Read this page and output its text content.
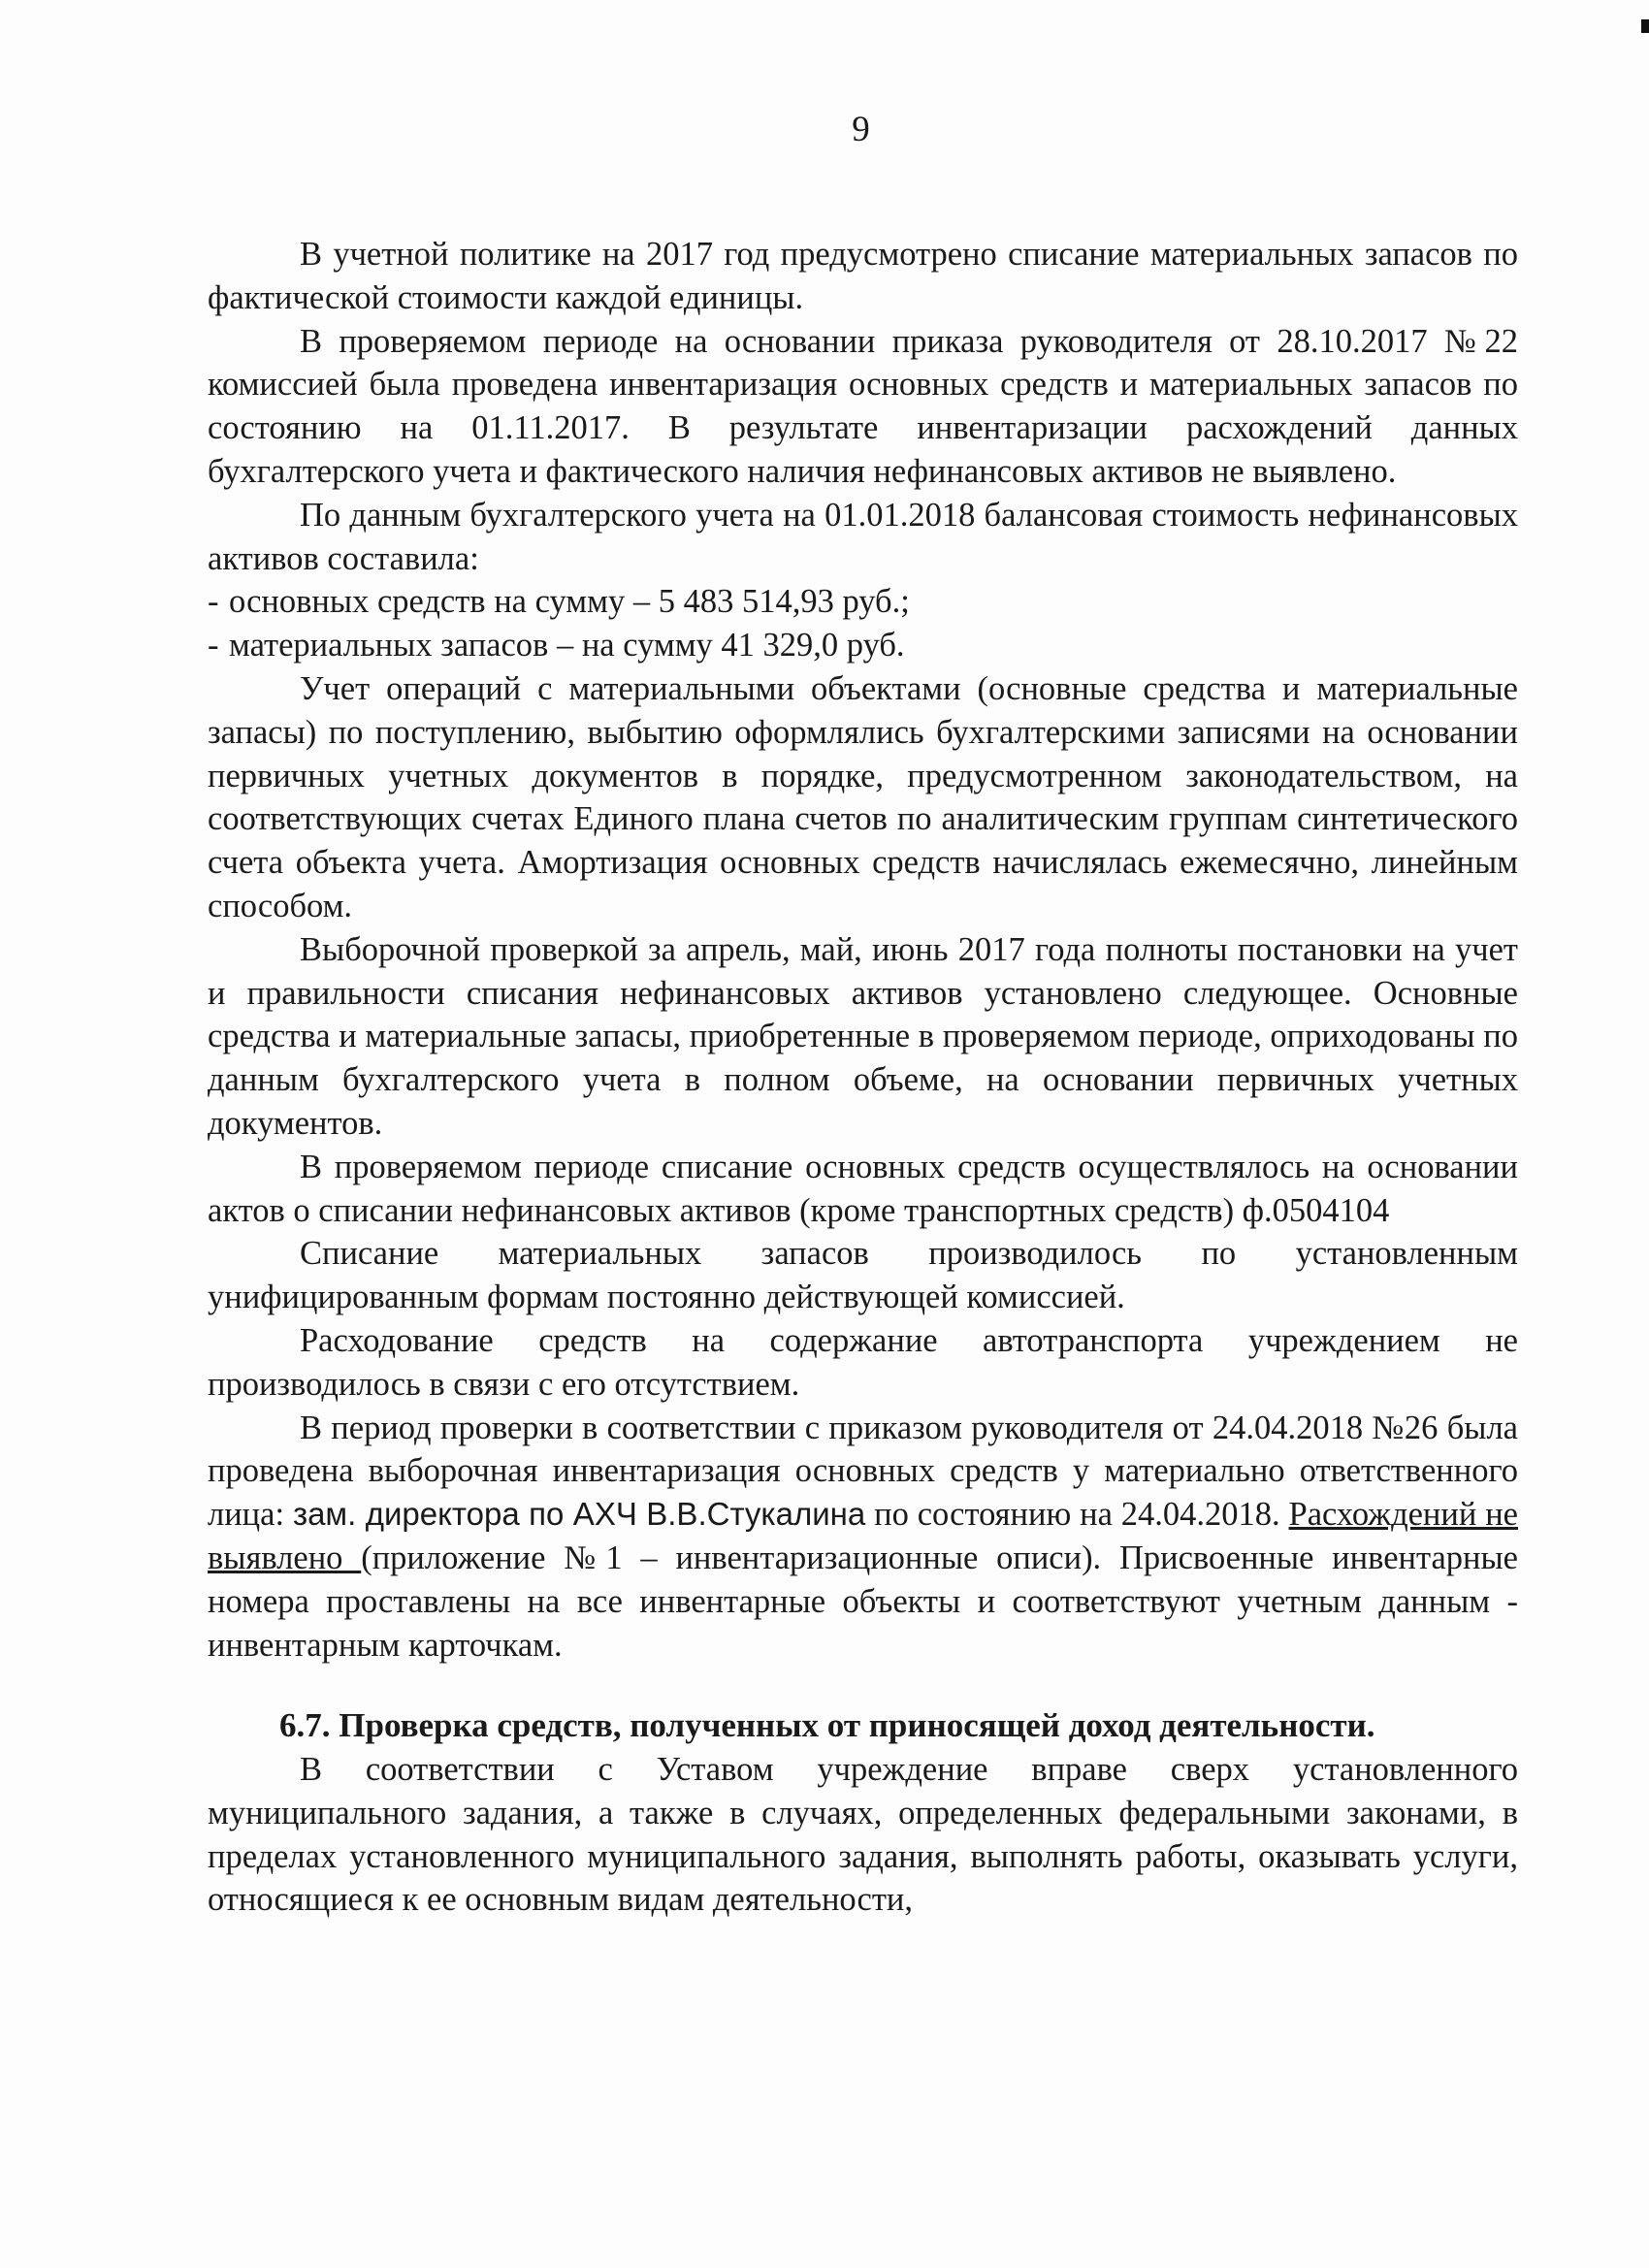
9

В учетной политике на 2017 год предусмотрено списание материальных запасов по фактической стоимости каждой единицы.

В проверяемом периоде на основании приказа руководителя от 28.10.2017 №22 комиссией была проведена инвентаризация основных средств и материальных запасов по состоянию на 01.11.2017. В результате инвентаризации расхождений данных бухгалтерского учета и фактического наличия нефинансовых активов не выявлено.

По данным бухгалтерского учета на 01.01.2018 балансовая стоимость нефинансовых активов составила:

- основных средств на сумму – 5 483 514,93 руб.;

- материальных запасов – на сумму 41 329,0 руб.

Учет операций с материальными объектами (основные средства и материальные запасы) по поступлению, выбытию оформлялись бухгалтерскими записями на основании первичных учетных документов в порядке, предусмотренном законодательством, на соответствующих счетах Единого плана счетов по аналитическим группам синтетического счета объекта учета. Амортизация основных средств начислялась ежемесячно, линейным способом.

Выборочной проверкой за апрель, май, июнь 2017 года полноты постановки на учет и правильности списания нефинансовых активов установлено следующее. Основные средства и материальные запасы, приобретенные в проверяемом периоде, оприходованы по данным бухгалтерского учета в полном объеме, на основании первичных учетных документов.

В проверяемом периоде списание основных средств осуществлялось на основании актов о списании нефинансовых активов (кроме транспортных средств) ф.0504104

Списание материальных запасов производилось по установленным унифицированным формам постоянно действующей комиссией.

Расходование средств на содержание автотранспорта учреждением не производилось в связи с его отсутствием.

В период проверки в соответствии с приказом руководителя от 24.04.2018 №26 была проведена выборочная инвентаризация основных средств у материально ответственного лица: зам. директора по АХЧ В.В.Стукалина по состоянию на 24.04.2018. Расхождений не выявлено (приложение №1 – инвентаризационные описи). Присвоенные инвентарные номера проставлены на все инвентарные объекты и соответствуют учетным данным - инвентарным карточкам.

6.7. Проверка средств, полученных от приносящей доход деятельности.

В соответствии с Уставом учреждение вправе сверх установленного муниципального задания, а также в случаях, определенных федеральными законами, в пределах установленного муниципального задания, выполнять работы, оказывать услуги, относящиеся к ее основным видам деятельности,
